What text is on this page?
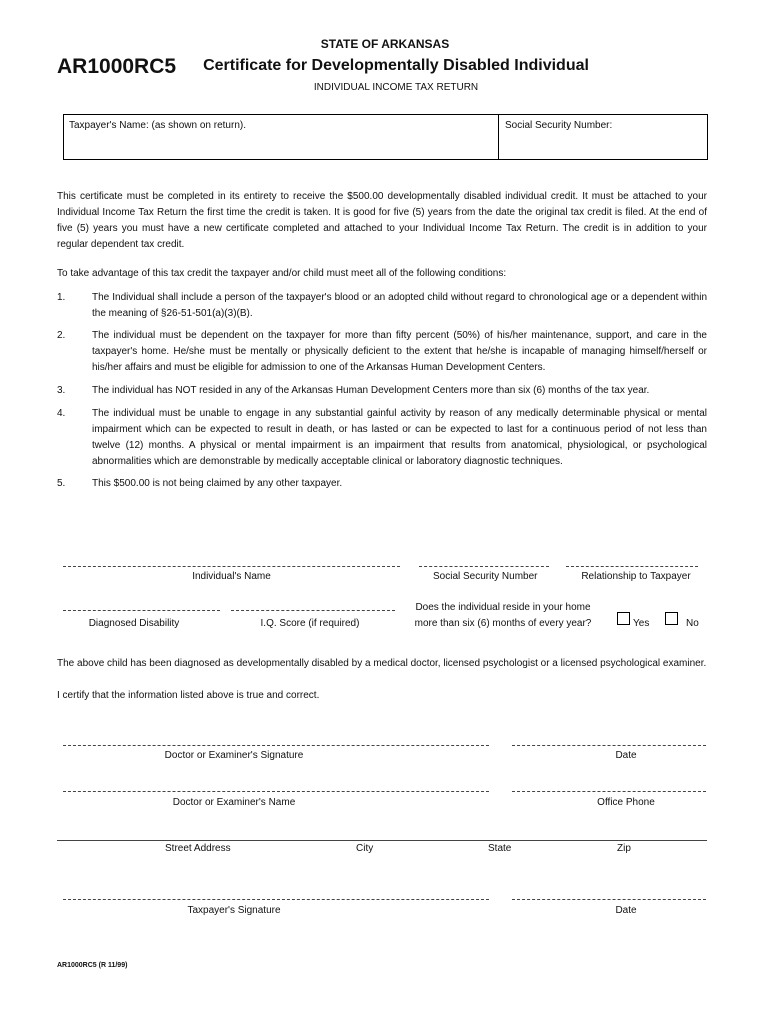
STATE OF ARKANSAS
AR1000RC5	Certificate for Developmentally Disabled Individual
INDIVIDUAL INCOME TAX RETURN
Taxpayer's Name: (as shown on return).	Social Security Number:
This certificate must be completed in its entirety to receive the $500.00 developmentally disabled individual credit. It must be attached to your Individual Income Tax Return the first time the credit is taken. It is good for five (5) years from the date the original tax credit is filed. At the end of five (5) years you must have a new certificate completed and attached to your Individual Income Tax Return. The credit is in addition to your regular dependent tax credit.
To take advantage of this tax credit the taxpayer and/or child must meet all of the following conditions:
1.	The Individual shall include a person of the taxpayer's blood or an adopted child without regard to chronological age or a dependent within the meaning of §26-51-501(a)(3)(B).
2.	The individual must be dependent on the taxpayer for more than fifty percent (50%) of his/her maintenance, support, and care in the taxpayer's home. He/she must be mentally or physically deficient to the extent that he/she is incapable of managing himself/herself or his/her affairs and must be eligible for admission to one of the Arkansas Human Development Centers.
3.	The individual has NOT resided in any of the Arkansas Human Development Centers more than six (6) months of the tax year.
4.	The individual must be unable to engage in any substantial gainful activity by reason of any medically determinable physical or mental impairment which can be expected to result in death, or has lasted or can be expected to last for a continuous period of not less than twelve (12) months. A physical or mental impairment is an impairment that results from anatomical, physiological, or psychological abnormalities which are demonstrable by medically acceptable clinical or laboratory diagnostic techniques.
5.	This $500.00 is not being claimed by any other taxpayer.
Individual's Name	Social Security Number	Relationship to Taxpayer
Diagnosed Disability	I.Q. Score (if required)
Does the individual reside in your home
more than six (6) months of every year?	Yes	No
The above child has been diagnosed as developmentally disabled by a medical doctor, licensed psychologist or a licensed psychological examiner.
I certify that the information listed above is true and correct.
Doctor or Examiner's Signature	Date
Doctor or Examiner's Name	Office Phone
Street Address	City	State	Zip
Taxpayer's Signature	Date
AR1000RC5 (R 11/99)
